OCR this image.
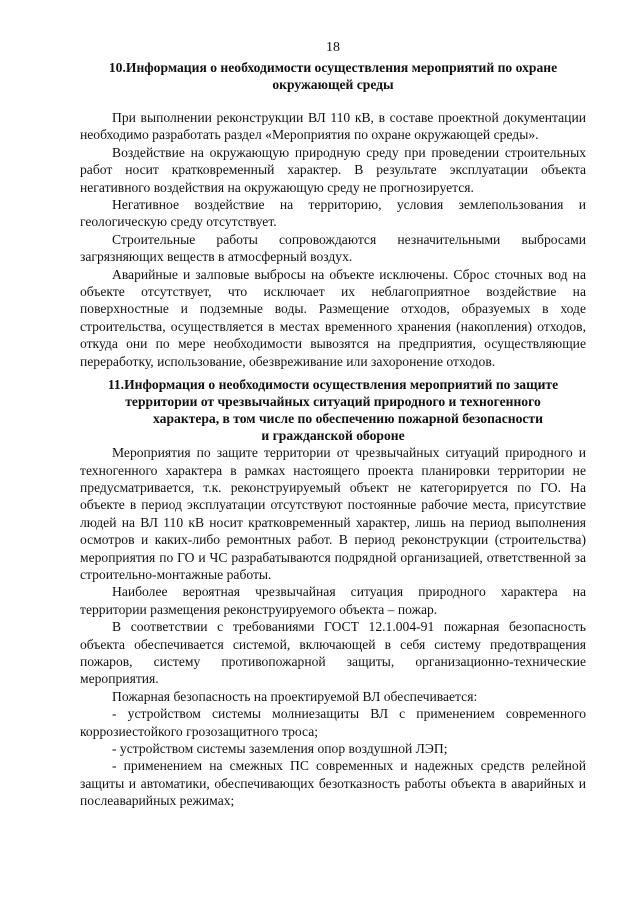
18
10.Информация о необходимости осуществления мероприятий по охране
окружающей среды

При выполнении реконструкции ВЛ 110 кВ, в составе проектной документации необходимо разработать раздел «Мероприятия по охране окружающей среды».

Воздействие на окружающую природную среду при проведении строительных работ носит кратковременный характер. В результате эксплуатации объекта негативного воздействия на окружающую среду не прогнозируется.

Негативное воздействие на территорию, условия землепользования и геологическую среду отсутствует.

Строительные работы сопровождаются незначительными выбросами загрязняющих веществ в атмосферный воздух.

Аварийные и залповые выбросы на объекте исключены. Сброс сточных вод на объекте отсутствует, что исключает их неблагоприятное воздействие на поверхностные и подземные воды. Размещение отходов, образуемых в ходе строительства, осуществляется в местах временного хранения (накопления) отходов, откуда они по мере необходимости вывозятся на предприятия, осуществляющие переработку, использование, обезвреживание или захоронение отходов.

11.Информация о необходимости осуществления мероприятий по защите
территории от чрезвычайных ситуаций природного и техногенного
характера, в том числе по обеспечению пожарной безопасности
и гражданской обороне

Мероприятия по защите территории от чрезвычайных ситуаций природного и техногенного характера в рамках настоящего проекта планировки территории не предусматривается, т.к. реконструируемый объект не категорируется по ГО. На объекте в период эксплуатации отсутствуют постоянные рабочие места, присутствие людей на ВЛ 110 кВ носит кратковременный характер, лишь на период выполнения осмотров и каких-либо ремонтных работ. В период реконструкции (строительства) мероприятия по ГО и ЧС разрабатываются подрядной организацией, ответственной за строительно-монтажные работы.

Наиболее вероятная чрезвычайная ситуация природного характера на территории размещения реконструируемого объекта – пожар.

В соответствии с требованиями ГОСТ 12.1.004-91 пожарная безопасность объекта обеспечивается системой, включающей в себя систему предотвращения пожаров, систему противопожарной защиты, организационно-технические мероприятия.

Пожарная безопасность на проектируемой ВЛ обеспечивается:

- устройством системы молниезащиты ВЛ с применением современного коррозиестойкого грозозащитного троса;

- устройством системы заземления опор воздушной ЛЭП;

- применением на смежных ПС современных и надежных средств релейной защиты и автоматики, обеспечивающих безотказность работы объекта в аварийных и послеаварийных режимах;
